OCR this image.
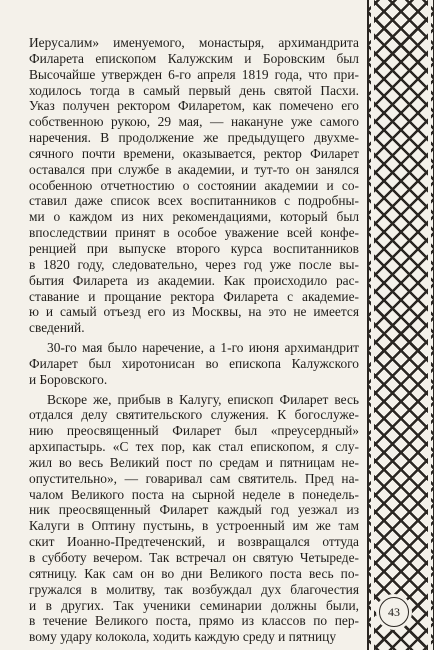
Иерусалим» именуемого, монастыря, архимандрита
Филарета епископом Калужским и Боровским был
Высочайше утвержден 6-го апреля 1819 года, что при-
ходилось тогда в самый первый день святой Пасхи.
Указ получен ректором Филаретом, как помечено его
собственною рукою, 29 мая, — накануне уже самого
наречения. В продолжение же предыдущего двухме-
сячного почти времени, оказывается, ректор Филарет
оставался при службе в академии, и тут-то он занялся
особенною отчетностию о состоянии академии и со-
ставил даже список всех воспитанников с подробны-
ми о каждом из них рекомендациями, который был
впоследствии принят в особое уважение всей конфе-
ренцией при выпуске второго курса воспитанников
в 1820 году, следовательно, через год уже после вы-
бытия Филарета из академии. Как происходило рас-
ставание и прощание ректора Филарета с академие-
ю и самый отъезд его из Москвы, на это не имеется
сведений.
30-го мая было наречение, а 1-го июня архимандрит
Филарет был хиротонисан во епископа Калужского
и Боровского.
Вскоре же, прибыв в Калугу, епископ Филарет весь
отдался делу святительского служения. К богослуже-
нию преосвященный Филарет был «преусердный»
архипастырь. «С тех пор, как стал епископом, я слу-
жил во весь Великий пост по средам и пятницам не-
опустительно», — говаривал сам святитель. Пред на-
чалом Великого поста на сырной неделе в понедель-
ник преосвященный Филарет каждый год уезжал из
Калуги в Оптину пустынь, в устроенный им же там
скит Иоанно-Предтеченский, и возвращался оттуда
в субботу вечером. Так встречал он святую Четыреде-
сятницу. Как сам он во дни Великого поста весь по-
гружался в молитву, так возбуждал дух благочестия
и в других. Так ученики семинарии должны были,
в течение Великого поста, прямо из классов по пер-
вому удару колокола, ходить каждую среду и пятницу
43
